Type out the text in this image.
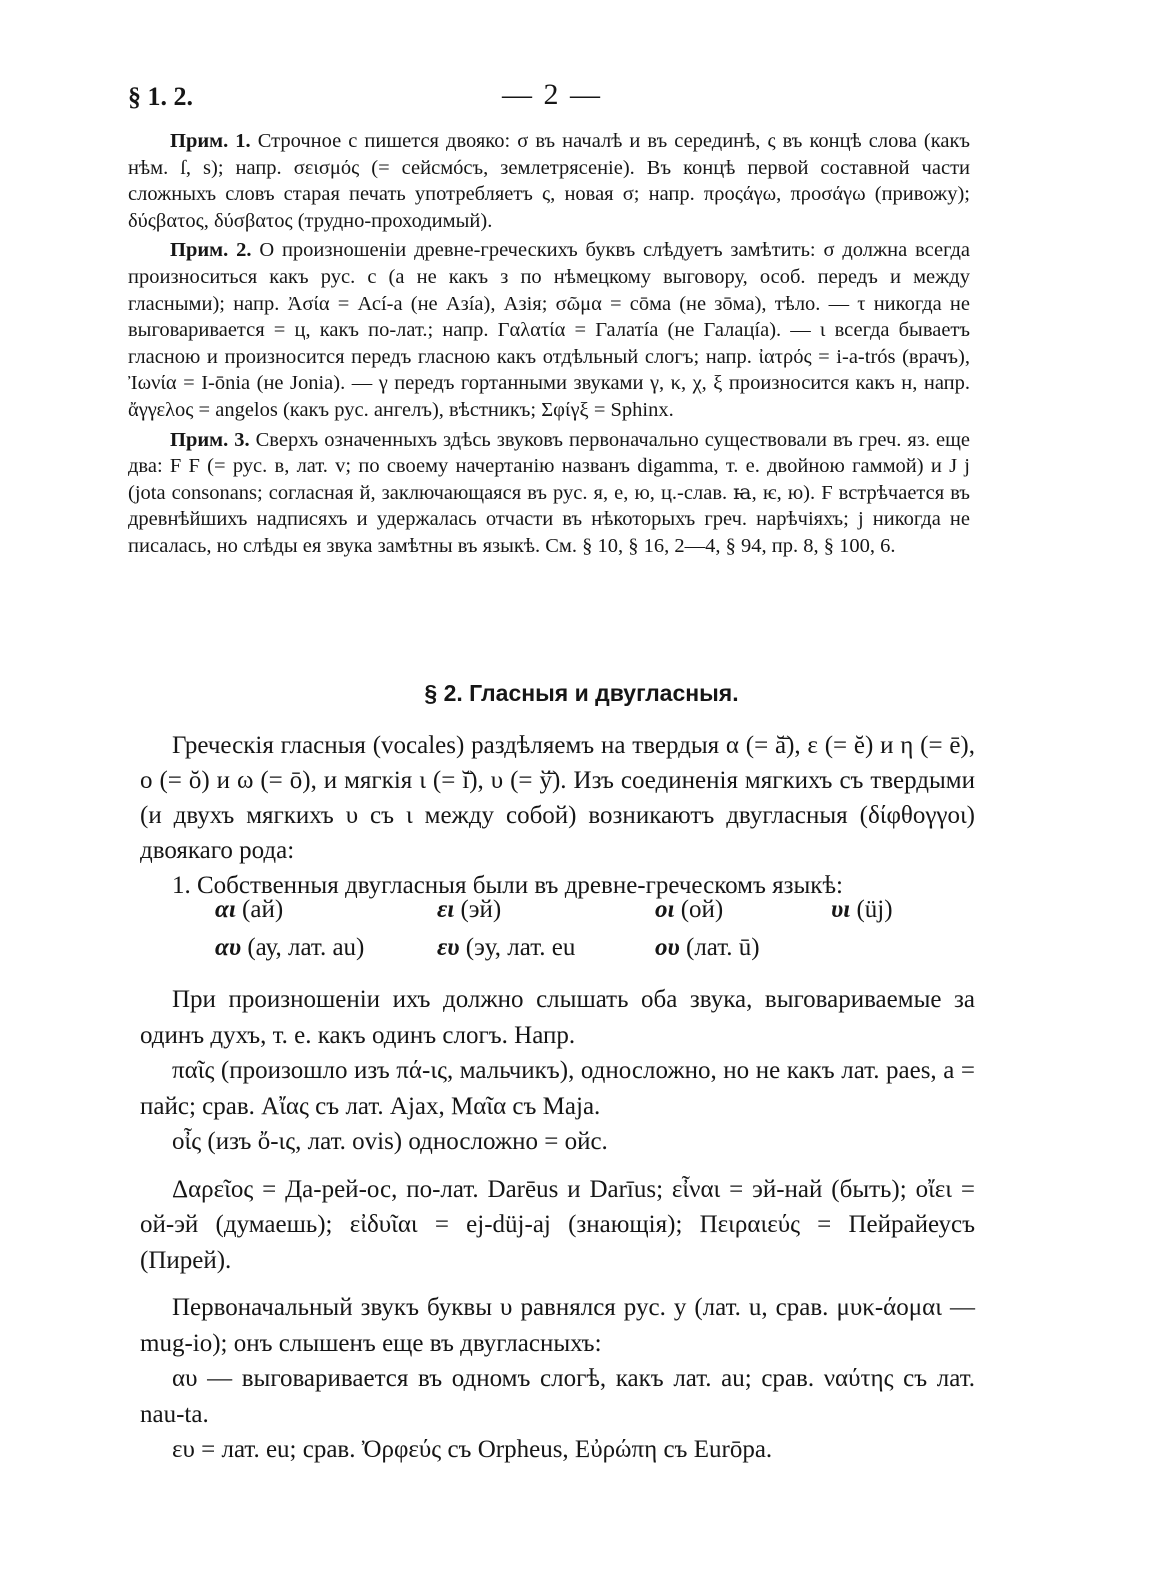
§ 1. 2.	— 2 —

Прим. 1. Строчное с пишется двояко: σ въ началѣ и въ серединѣ, ς въ концѣ слова (какъ нѣм. ſ, s); напр. σεισμός (= сейсмóсъ, землетрясеніе). Въ концѣ первой составной части сложныхъ словъ старая печать употребляетъ ς, новая σ; напр. προςάγω, προσάγω (привожу); δύςβατος, δύσβατος (трудно-проходимый).

Прим. 2. О произношеніи древне-греческихъ буквъ слѣдуетъ замѣтить: σ должна всегда произноситься какъ рус. с (а не какъ з по нѣмецкому выговору, особ. передъ и между гласными); напр. Ἀσία = Асí-а (не Азíа), Азія; σῶμα = сōма (не зōма), тѣло. — τ никогда не выговаривается = ц, какъ по-лат.; напр. Γαλατία = Галатíа (не Галацíа). — ι всегда бываетъ гласною и произносится передъ гласною какъ отдѣльный слогъ; напр. ἰατρός = i-a-trós (врачъ), Ἰωνία = I-ōnia (не Jonia). — γ передъ гортанными звуками γ, κ, χ, ξ произносится какъ н, напр. ἄγγελος = angelos (какъ рус. ангелъ), вѣстникъ; Σφίγξ = Sphinx.

Прим. 3. Сверхъ означенныхъ здѣсь звуковъ первоначально существовали въ греч. яз. еще два: F Ϝ (= рус. в, лат. v; по своему начертанію названъ digamma, т. е. двойною гаммой) и J j (jota consonans; согласная й, заключающаяся въ рус. я, е, ю, ц.-слав. ꙗ, ѥ, ю). Ϝ встрѣчается въ древнѣйшихъ надписяхъ и удержалась отчасти въ нѣкоторыхъ греч. нарѣчіяхъ; j никогда не писалась, но слѣды ея звука замѣтны въ языкѣ. См. § 10, § 16, 2—4, § 94, пр. 8, § 100, 6.

§ 2. Гласныя и двугласныя.

Греческія гласныя (vocales) раздѣляемъ на твердыя α (= ă̄), ε (= ĕ) и η (= ē), ο (= ŏ) и ω (= ō), и мягкія ι (= ĭ̄), υ (= ў̄). Изъ соединенія мягкихъ съ твердыми (и двухъ мягкихъ υ съ ι между собой) возникаютъ двугласныя (δίφθογγοι) двоякаго рода:

1. Собственныя двугласныя были въ древне-греческомъ языкѣ:

αι (ай)	ει (эй)	οι (ой)	υι (üj)
αυ (ау, лат. au)	ευ (эу, лат. eu	ου (лат. ū)

При произношеніи ихъ должно слышать оба звука, выговариваемые за одинъ духъ, т. е. какъ одинъ слогъ. Напр.

παῖς (произошло изъ πά-ις, мальчикъ), односложно, но не какъ лат. paes, а = пайс; срав. Αἴας съ лат. Ajax, Μαῖα съ Maja.

οἶς (изъ ὄ-ις, лат. ovis) односложно = ойс.

Δαρεῖος = Да-рей-ос, по-лат. Darēus и Darīus; εἶναι = эй-най (быть); οἴει = ой-эй (думаешь); εἰδυῖαι = ej-düj-aj (знающія); Πειραιεύς = Пейрайеусъ (Пирей).

Первоначальный звукъ буквы υ равнялся рус. у (лат. u, срав. μυκ-άομαι — mug-io); онъ слышенъ еще въ двугласныхъ:

αυ — выговаривается въ одномъ слогѣ, какъ лат. au; срав. ναύτης съ лат. nau-ta.

ευ = лат. eu; срав. Ὀρφεύς съ Orpheus, Εὐρώπη съ Eurōpa.
